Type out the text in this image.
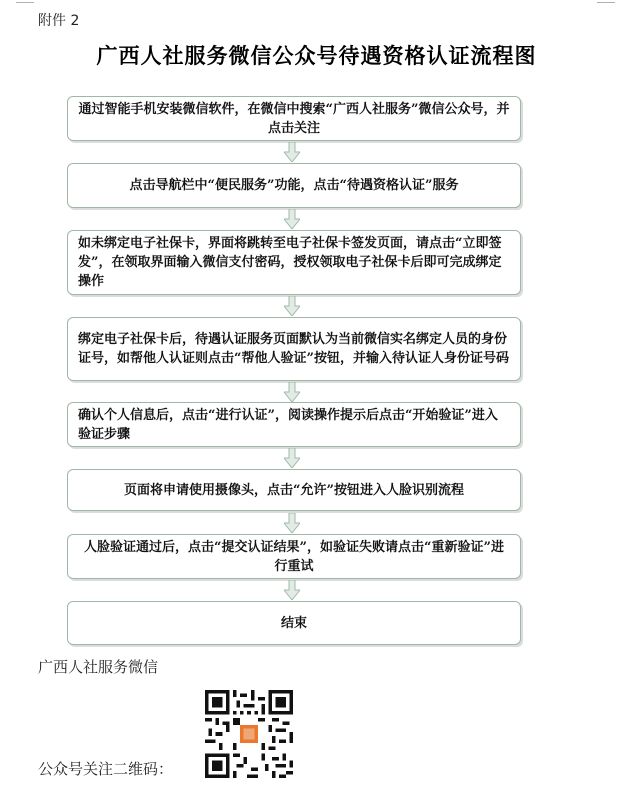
附件 2
广西人社服务微信公众号待遇资格认证流程图
通过智能手机安装微信软件，在微信中搜索“广西人社服务”微信公众号，并点击关注
点击导航栏中“便民服务”功能，点击“待遇资格认证”服务
如未绑定电子社保卡，界面将跳转至电子社保卡签发页面，请点击“立即签发”，在领取界面输入微信支付密码，授权领取电子社保卡后即可完成绑定操作
绑定电子社保卡后，待遇认证服务页面默认为当前微信实名绑定人员的身份证号，如帮他人认证则点击“帮他人验证”按钮，并输入待认证人身份证号码
确认个人信息后，点击“进行认证”，阅读操作提示后点击“开始验证”进入验证步骤
页面将申请使用摄像头，点击“允许”按钮进入人脸识别流程
人脸验证通过后，点击“提交认证结果”，如验证失败请点击“重新验证”进行重试
结束
广西人社服务微信
公众号关注二维码：
